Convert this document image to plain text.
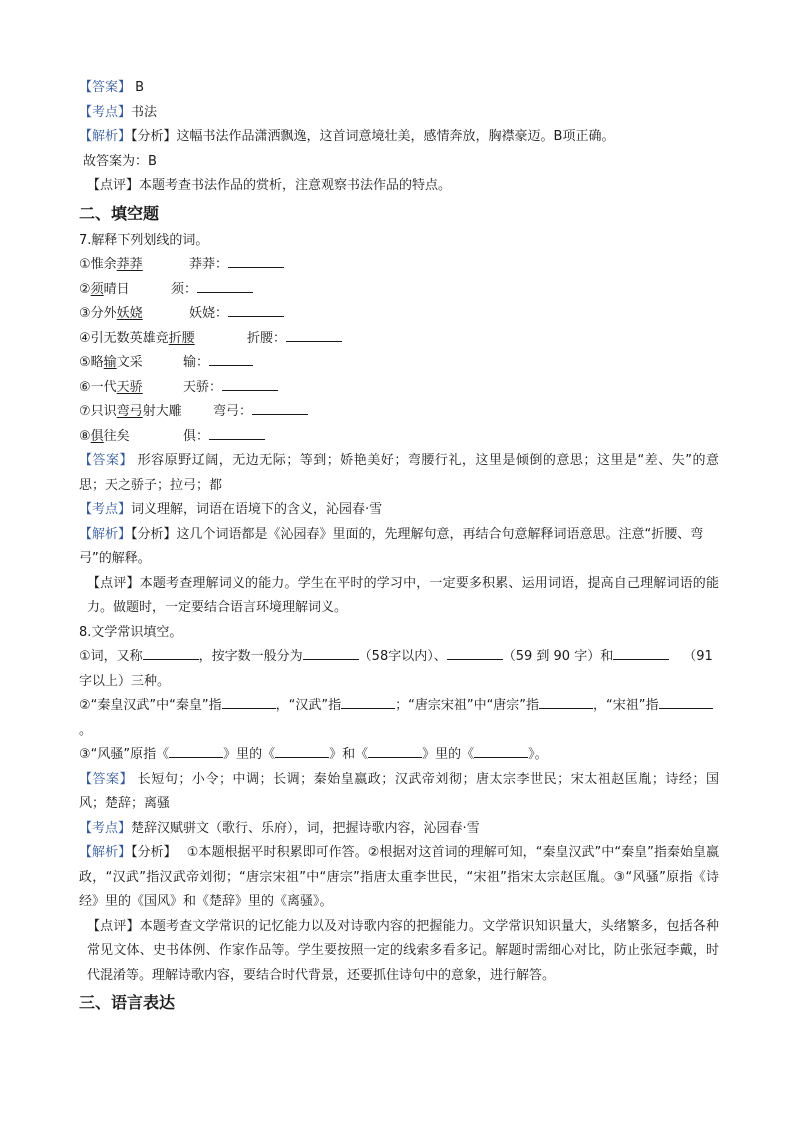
【答案】 B
【考点】书法
【解析】【分析】这幅书法作品潇洒飘逸，这首词意境壮美，感情奔放，胸襟豪迈。B项正确。
故答案为：B
【点评】本题考查书法作品的赏析，注意观察书法作品的特点。
二、填空题
7.解释下列划线的词。
①惟余莽莽	莽莽：
②须晴日	须：
③分外妖娆	妖娆：
④引无数英雄竞折腰	折腰：
⑤略输文采	输：
⑥一代天骄	天骄：
⑦只识弯弓射大雕 弯弓：
⑧俱往矣	俱：
【答案】 形容原野辽阔，无边无际；等到；娇艳美好；弯腰行礼，这里是倾倒的意思；这里是“差、失”的意思；天之骄子；拉弓；都
【考点】词义理解，词语在语境下的含义，沁园春·雪
【解析】【分析】这几个词语都是《沁园春》里面的，先理解句意，再结合句意解释词语意思。注意“折腰、弯弓”的解释。
【点评】本题考查理解词义的能力。学生在平时的学习中，一定要多积累、运用词语，提高自己理解词语的能力。做题时，一定要结合语言环境理解词义。
8.文学常识填空。
①词，又称	，按字数一般分为	（58字以内）、	（59 到 90 字）和	（91
字以上）三种。
②“秦皇汉武”中“秦皇”指	，“汉武”指	；“唐宗宋祖”中“唐宗”指	，“宋祖”指
。
③“风骚”原指《	》里的《	》和《	》里的《	》。
【答案】 长短句；小令；中调；长调；秦始皇嬴政；汉武帝刘彻；唐太宗李世民；宋太祖赵匡胤；诗经；国风；楚辞；离骚
【考点】楚辞汉赋骈文（歌行、乐府），词，把握诗歌内容，沁园春·雪
【解析】【分析】 ①本题根据平时积累即可作答。②根据对这首词的理解可知，“秦皇汉武”中“秦皇”指秦始皇嬴政，“汉武”指汉武帝刘彻；“唐宗宋祖”中“唐宗”指唐太重李世民，“宋祖”指宋太宗赵匡胤。③“风骚”原指《诗经》里的《国风》和《楚辞》里的《离骚》。
【点评】本题考查文学常识的记忆能力以及对诗歌内容的把握能力。文学常识知识量大，头绪繁多，包括各种常见文体、史书体例、作家作品等。学生要按照一定的线索多看多记。解题时需细心对比，防止张冠李戴，时代混淆等。理解诗歌内容，要结合时代背景，还要抓住诗句中的意象，进行解答。
三、语言表达
